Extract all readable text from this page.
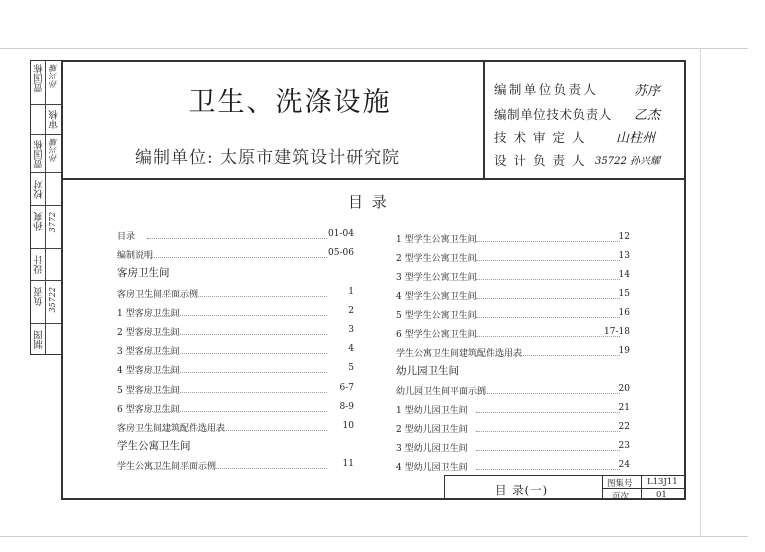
卫生、洗涤设施
编制单位: 太原市建筑设计研究院
编制单位负责人	苏序
编制单位技术负责人 乙杰
技术审定人 山柱州
设计负责人 35722 孙兴耀
贾国栋 孙兴耀
审核
贾国栋 孙兴耀
校对
孙爽 3772
设计
负责 35722
制图
目 录
目录	01-04
编制说明	05-06
客房卫生间
客房卫生间平面示例	1
1 型客房卫生间	2
2 型客房卫生间	3
3 型客房卫生间	4
4 型客房卫生间	5
5 型客房卫生间	6-7
6 型客房卫生间	8-9
客房卫生间建筑配件选用表	10
学生公寓卫生间
学生公寓卫生间平面示例	11
1 型学生公寓卫生间	12
2 型学生公寓卫生间	13
3 型学生公寓卫生间	14
4 型学生公寓卫生间	15
5 型学生公寓卫生间	16
6 型学生公寓卫生间	17-18
学生公寓卫生间建筑配件选用表	19
幼儿园卫生间
幼儿园卫生间平面示例	20
1 型幼儿园卫生间	21
2 型幼儿园卫生间	22
3 型幼儿园卫生间	23
4 型幼儿园卫生间	24
目 录(一)	图集号 L13J11
页次	01
